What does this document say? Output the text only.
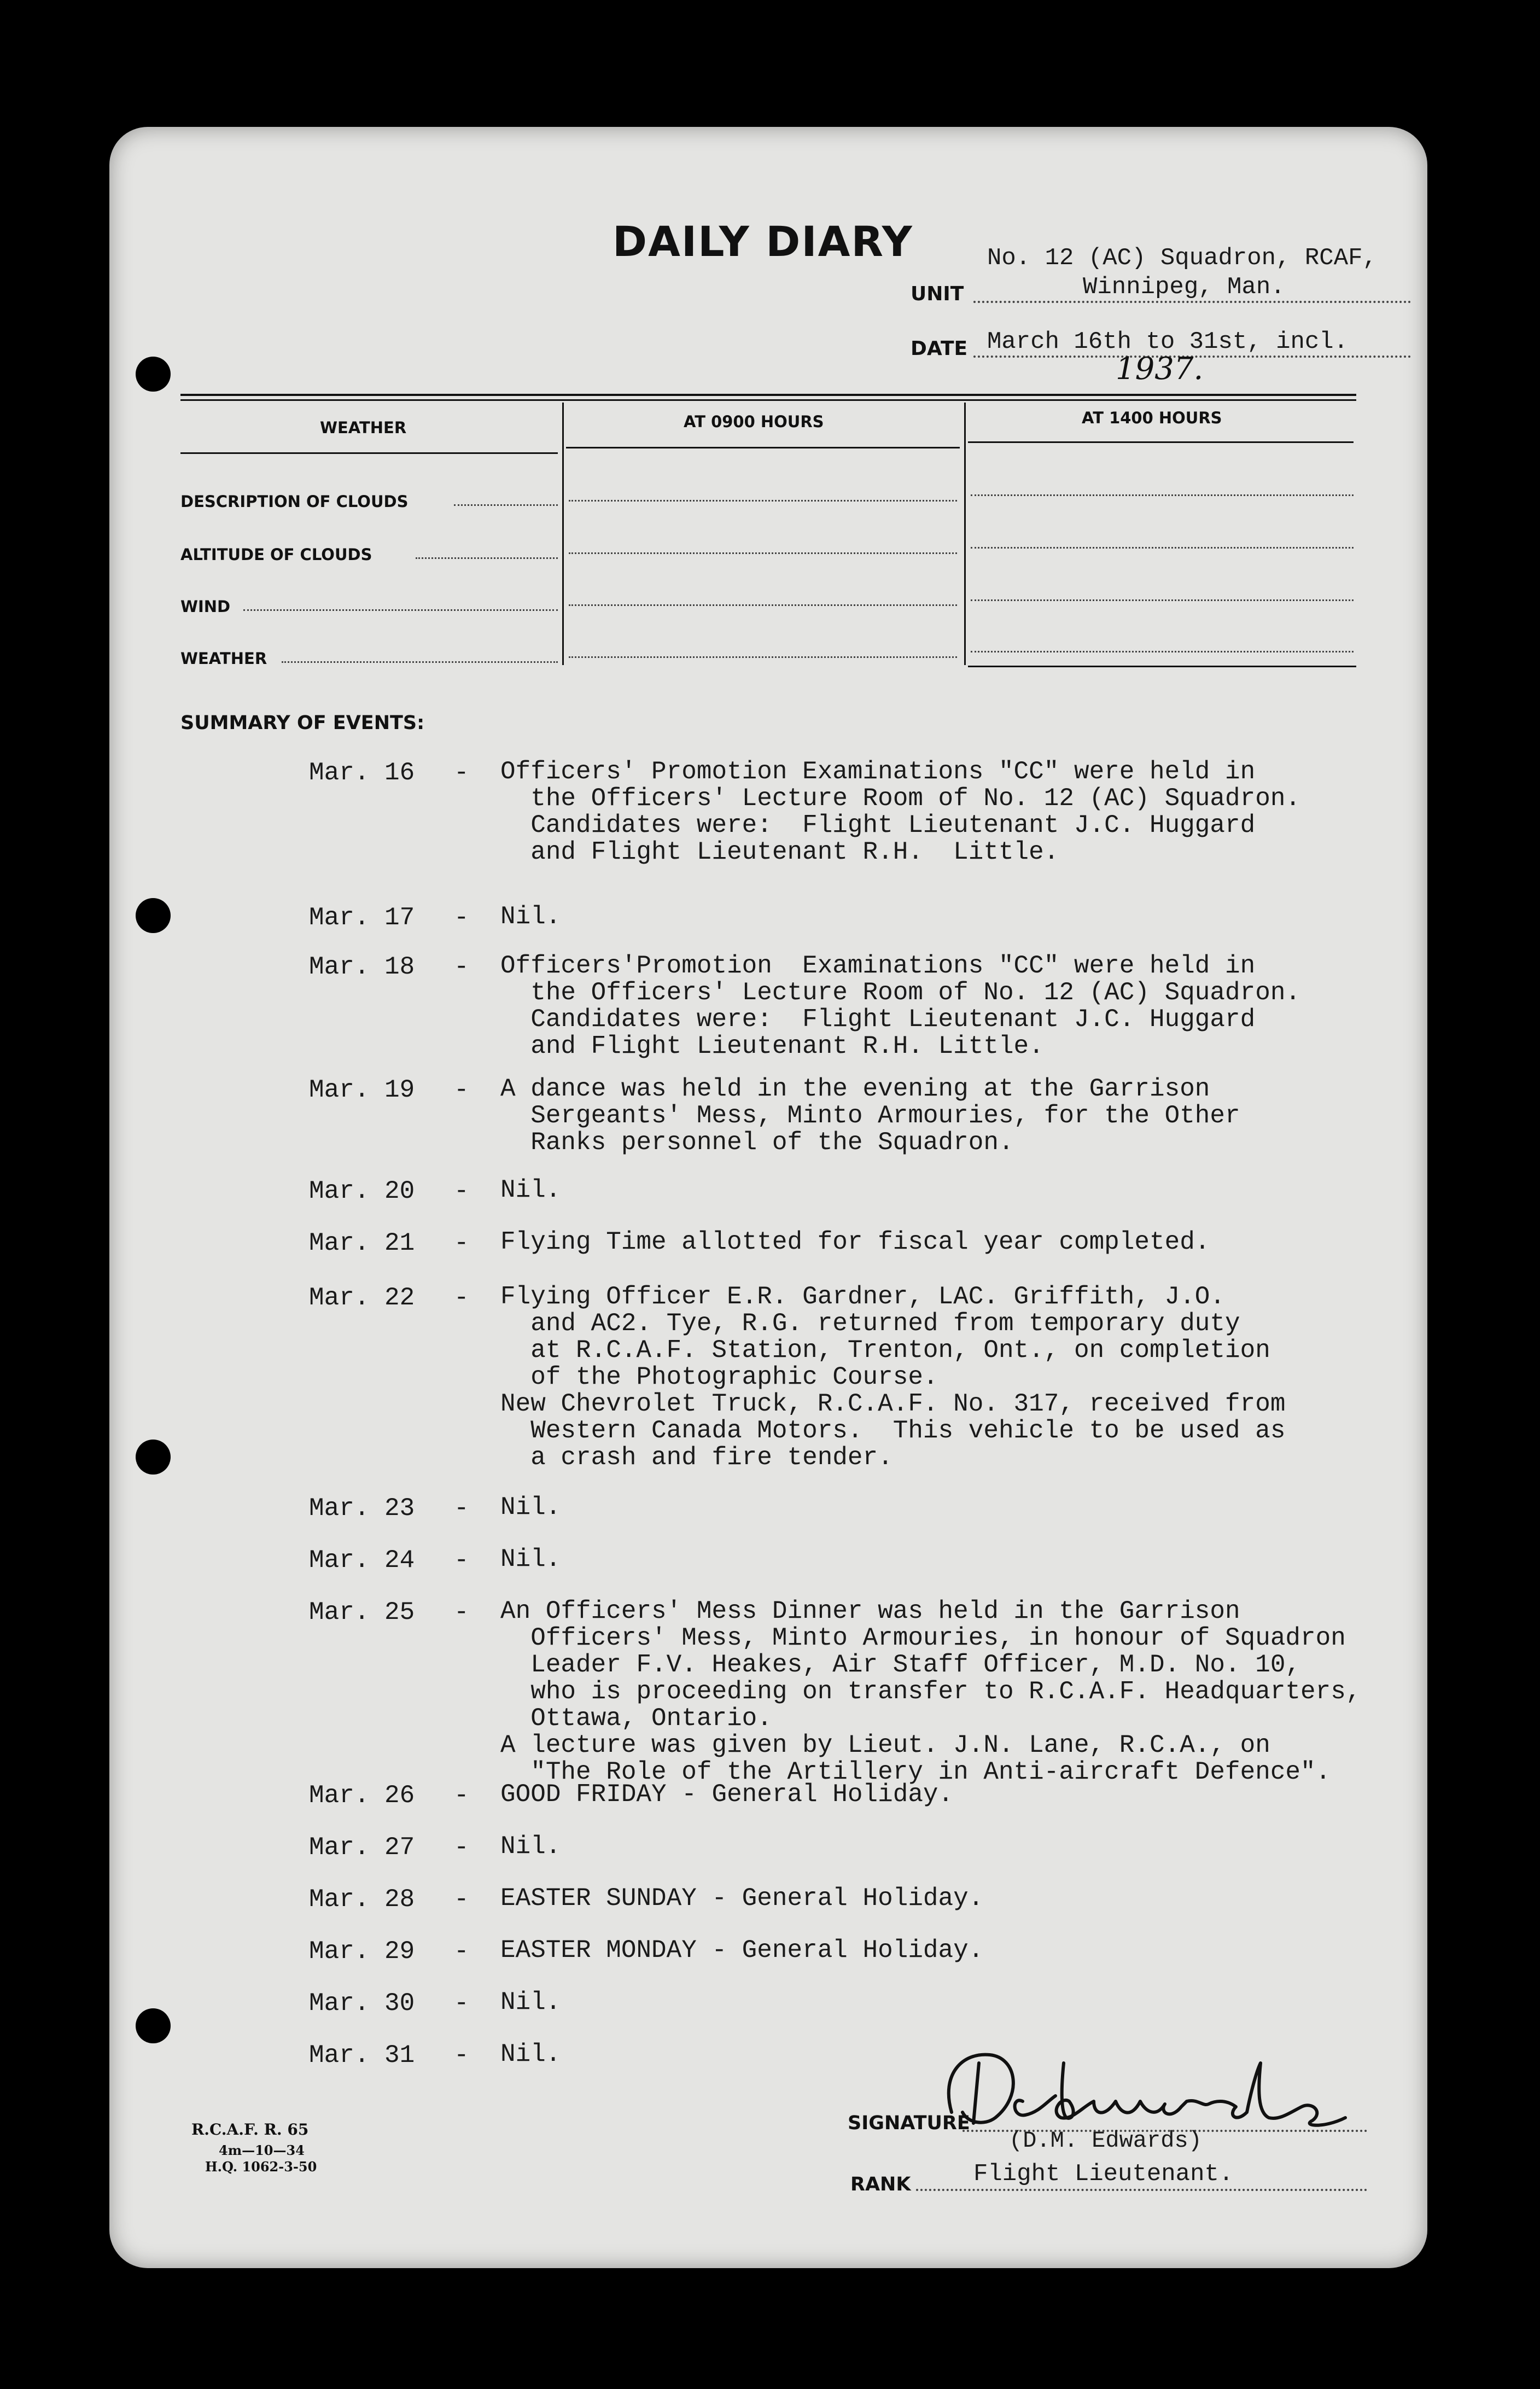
DAILY DIARY	No. 12 (AC) Squadron, RCAF,
UNIT	Winnipeg, Man.
DATE March 16th to 31st, incl.
1937.
WEATHER	AT 0900 HOURS	AT 1400 HOURS
DESCRIPTION OF CLOUDS
ALTITUDE OF CLOUDS
WIND
WEATHER
SUMMARY OF EVENTS:
Mar. 16 - Officers' Promotion Examinations "CC" were held in
the Officers' Lecture Room of No. 12 (AC) Squadron.
Candidates were:  Flight Lieutenant J.C. Huggard
and Flight Lieutenant R.H.  Little.
Mar. 17 - Nil.
Mar. 18 - Officers'Promotion  Examinations "CC" were held in
the Officers' Lecture Room of No. 12 (AC) Squadron.
Candidates were:  Flight Lieutenant J.C. Huggard
and Flight Lieutenant R.H. Little.
Mar. 19 - A dance was held in the evening at the Garrison
Sergeants' Mess, Minto Armouries, for the Other
Ranks personnel of the Squadron.
Mar. 20 - Nil.
Mar. 21 - Flying Time allotted for fiscal year completed.
Mar. 22 - Flying Officer E.R. Gardner, LAC. Griffith, J.O.
and AC2. Tye, R.G. returned from temporary duty
at R.C.A.F. Station, Trenton, Ont., on completion
of the Photographic Course.
New Chevrolet Truck, R.C.A.F. No. 317, received from
Western Canada Motors.  This vehicle to be used as
a crash and fire tender.
Mar. 23 - Nil.
Mar. 24 - Nil.
Mar. 25 - An Officers' Mess Dinner was held in the Garrison
Officers' Mess, Minto Armouries, in honour of Squadron
Leader F.V. Heakes, Air Staff Officer, M.D. No. 10,
who is proceeding on transfer to R.C.A.F. Headquarters,
Ottawa, Ontario.
A lecture was given by Lieut. J.N. Lane, R.C.A., on
"The Role of the Artillery in Anti-aircraft Defence".
Mar. 26 - GOOD FRIDAY - General Holiday.
Mar. 27 - Nil.
Mar. 28 - EASTER SUNDAY - General Holiday.
Mar. 29 - EASTER MONDAY - General Holiday.
Mar. 30 - Nil.
Mar. 31 - Nil.
R.C.A.F. R. 65
4m—10—34
H.Q. 1062-3-50
SIGNATURE
(D.M. Edwards)
RANK	Flight Lieutenant.
